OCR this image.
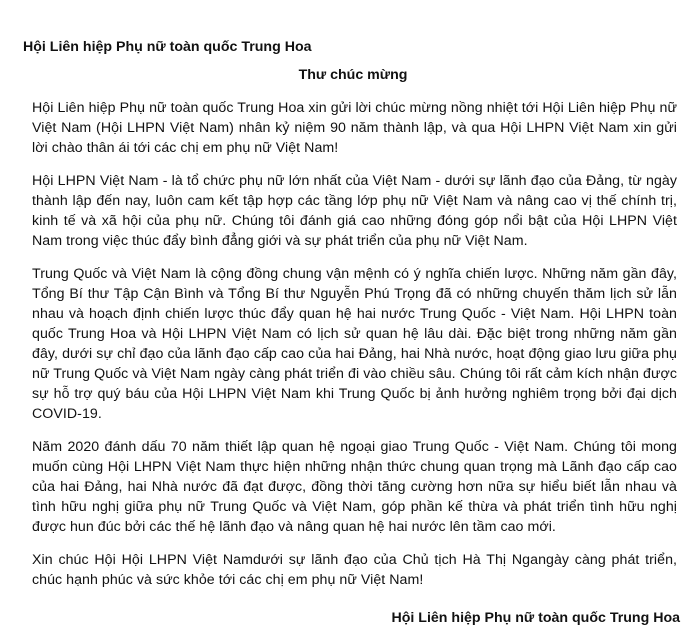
Hội Liên hiệp Phụ nữ toàn quốc Trung Hoa
Thư chúc mừng

Hội Liên hiệp Phụ nữ toàn quốc Trung Hoa xin gửi lời chúc mừng nồng nhiệt tới Hội Liên hiệp Phụ nữ Việt Nam (Hội LHPN Việt Nam) nhân kỷ niệm 90 năm thành lập, và qua Hội LHPN Việt Nam xin gửi lời chào thân ái tới các chị em phụ nữ Việt Nam!

Hội LHPN Việt Nam - là tổ chức phụ nữ lớn nhất của Việt Nam - dưới sự lãnh đạo của Đảng, từ ngày thành lập đến nay, luôn cam kết tập hợp các tầng lớp phụ nữ Việt Nam và nâng cao vị thế chính trị, kinh tế và xã hội của phụ nữ. Chúng tôi đánh giá cao những đóng góp nổi bật của Hội LHPN Việt Nam trong việc thúc đẩy bình đẳng giới và sự phát triển của phụ nữ Việt Nam.

Trung Quốc và Việt Nam là cộng đồng chung vận mệnh có ý nghĩa chiến lược. Những năm gần đây, Tổng Bí thư Tập Cận Bình và Tổng Bí thư Nguyễn Phú Trọng đã có những chuyến thăm lịch sử lẫn nhau và hoạch định chiến lược thúc đẩy quan hệ hai nước Trung Quốc - Việt Nam. Hội LHPN toàn quốc Trung Hoa và Hội LHPN Việt Nam có lịch sử quan hệ lâu dài. Đặc biệt trong những năm gần đây, dưới sự chỉ đạo của lãnh đạo cấp cao của hai Đảng, hai Nhà nước, hoạt động giao lưu giữa phụ nữ Trung Quốc và Việt Nam ngày càng phát triển đi vào chiều sâu. Chúng tôi rất cảm kích nhận được sự hỗ trợ quý báu của Hội LHPN Việt Nam khi Trung Quốc bị ảnh hưởng nghiêm trọng bởi đại dịch COVID-19.

Năm 2020 đánh dấu 70 năm thiết lập quan hệ ngoại giao Trung Quốc - Việt Nam. Chúng tôi mong muốn cùng Hội LHPN Việt Nam thực hiện những nhận thức chung quan trọng mà Lãnh đạo cấp cao của hai Đảng, hai Nhà nước đã đạt được, đồng thời tăng cường hơn nữa sự hiểu biết lẫn nhau và tình hữu nghị giữa phụ nữ Trung Quốc và Việt Nam, góp phần kế thừa và phát triển tình hữu nghị được hun đúc bởi các thế hệ lãnh đạo và nâng quan hệ hai nước lên tầm cao mới.

Xin chúc Hội Hội LHPN Việt Namdưới sự lãnh đạo của Chủ tịch Hà Thị Ngangày càng phát triển, chúc hạnh phúc và sức khỏe tới các chị em phụ nữ Việt Nam!

Hội Liên hiệp Phụ nữ toàn quốc Trung Hoa
